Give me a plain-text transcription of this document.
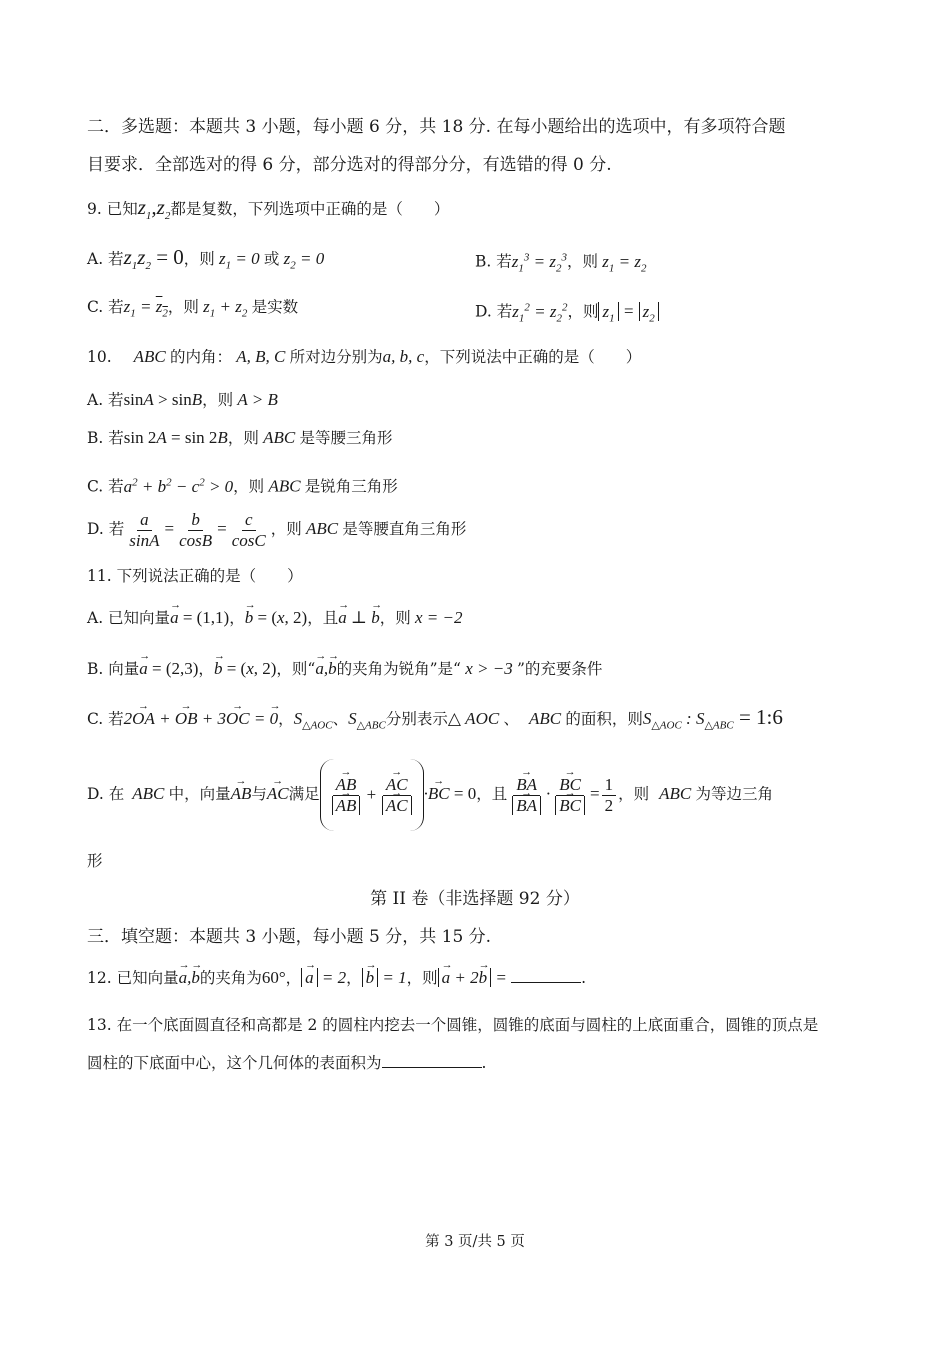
二．多选题：本题共 3 小题，每小题 6 分，共 18 分. 在每小题给出的选项中，有多项符合题
目要求．全部选对的得 6 分，部分选对的得部分分，有选错的得 0 分.
9. 已知$z_1,z_2$都是复数，下列选项中正确的是（　　）
A. 若$z_1z_2 = 0$，则 $z_1 = 0$ 或 $z_2 = 0$	B. 若$z_1^3 = z_2^3$，则 $z_1 = z_2$
C. 若$z_1 = z_2$，则 $z_1 + z_2$ 是实数	D. 若$z_1^2 = z_2^2$，则 $z_1 = z_2$
10. ABC 的内角： A, B, C 所对边分别为a, b, c，下列说法中正确的是（　　）
A. 若sinA > sinB，则 A > B
B. 若sin 2A = sin 2B，则 ABC 是等腰三角形
C. 若$a^2 + b^2 - c^2 > 0$，则 ABC 是锐角三角形
D. 若 $\frac{a}{\sin A} = \frac{b}{\cos B} = \frac{c}{\cos C}$ ，则 ABC 是等腰直角三角形
11. 下列说法正确的是（　　）
A. 已知向量→ a = (1,1)，→ b = (x, 2)，且→ a ⊥ → b，则 x = −2
B. 向量→ a = (2,3)，→ b = (x, 2)，则“→ a,→ b的夹角为锐角”是“ x > −3 ”的充要条件
C. 若2→ OA + → OB + 3→ OC = → 0，$S_{\triangle AOC}$、$S_{\triangle ABC}$分别表示△ AOC 、 ABC 的面积，则$S_{\triangle AOC}$ : $S_{\triangle ABC}$ = 1:6
D. 在 ABC 中，向量→ AB与→ AC满足 → AB
→ AB + → AC
→ AC ·→ BC = 0，且 → BA
→ BA · → BC
→ BC = $\frac{1}{2}$ ，则 ABC 为等边三角
形
第 II 卷（非选择题 92 分）
三．填空题：本题共 3 小题，每小题 5 分，共 15 分.
12. 已知向量→ a,→ b的夹角为60°， → a = 2， → b = 1，则 → a + 2→ b =	.
13. 在一个底面圆直径和高都是 2 的圆柱内挖去一个圆锥，圆锥的底面与圆柱的上底面重合，圆锥的顶点是
圆柱的下底面中心，这个几何体的表面积为	.
第 3 页/共 5 页
